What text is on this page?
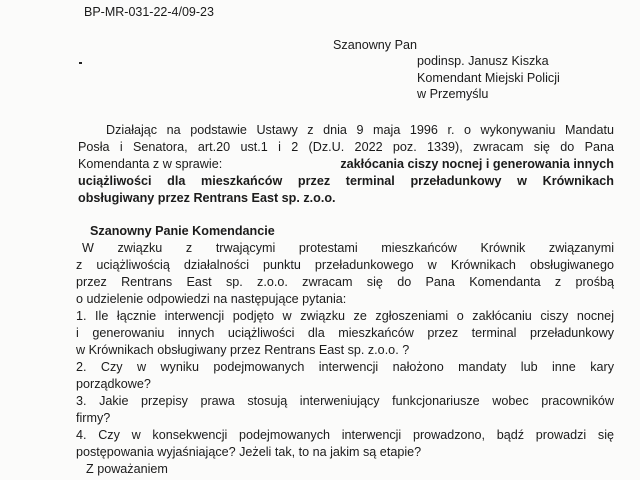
BP-MR-031-22-4/09-23
Szanowny Pan
podinsp. Janusz Kiszka
Komendant Miejski Policji
w Przemyślu
Działając na podstawie Ustawy z dnia 9 maja 1996 r. o wykonywaniu Mandatu
Posła i Senatora, art.20 ust.1 i 2 (Dz.U. 2022 poz. 1339), zwracam się do Pana
Komendanta z w sprawie:	zakłócania ciszy nocnej i generowania innych
uciążliwości dla mieszkańców przez terminal przeładunkowy w Krównikach
obsługiwany przez Rentrans East sp. z.o.o.
Szanowny Panie Komendancie
W związku z trwającymi protestami mieszkańców Krównik związanymi
z uciążliwością działalności punktu przeładunkowego w Krównikach obsługiwanego
przez Rentrans East sp. z.o.o. zwracam się do Pana Komendanta z prośbą
o udzielenie odpowiedzi na następujące pytania:
1. Ile łącznie interwencji podjęto w związku ze zgłoszeniami o zakłócaniu ciszy nocnej
i generowaniu innych uciążliwości dla mieszkańców przez terminal przeładunkowy
w Krównikach obsługiwany przez Rentrans East sp. z.o.o. ?
2. Czy w wyniku podejmowanych interwencji nałożono mandaty lub inne kary
porządkowe?
3. Jakie przepisy prawa stosują interweniujący funkcjonariusze wobec pracowników
firmy?
4. Czy w konsekwencji podejmowanych interwencji prowadzono, bądź prowadzi się
postępowania wyjaśniające? Jeżeli tak, to na jakim są etapie?
Z poważaniem
